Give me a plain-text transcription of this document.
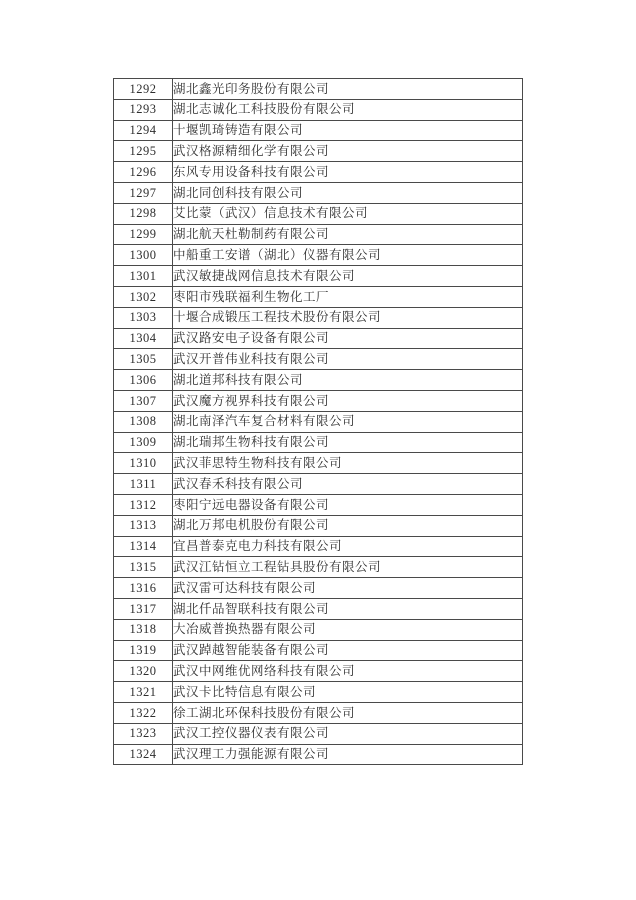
1292	湖北鑫光印务股份有限公司
1293	湖北志诚化工科技股份有限公司
1294	十堰凯琦铸造有限公司
1295	武汉格源精细化学有限公司
1296	东风专用设备科技有限公司
1297	湖北同创科技有限公司
1298	艾比蒙（武汉）信息技术有限公司
1299	湖北航天杜勒制药有限公司
1300	中船重工安谱（湖北）仪器有限公司
1301	武汉敏捷战网信息技术有限公司
1302	枣阳市残联福利生物化工厂
1303	十堰合成锻压工程技术股份有限公司
1304	武汉路安电子设备有限公司
1305	武汉开普伟业科技有限公司
1306	湖北道邦科技有限公司
1307	武汉魔方视界科技有限公司
1308	湖北南泽汽车复合材料有限公司
1309	湖北瑞邦生物科技有限公司
1310	武汉菲思特生物科技有限公司
1311	武汉春禾科技有限公司
1312	枣阳宁远电器设备有限公司
1313	湖北万邦电机股份有限公司
1314	宜昌普泰克电力科技有限公司
1315	武汉江钻恒立工程钻具股份有限公司
1316	武汉雷可达科技有限公司
1317	湖北仟品智联科技有限公司
1318	大冶威普换热器有限公司
1319	武汉踔越智能装备有限公司
1320	武汉中网维优网络科技有限公司
1321	武汉卡比特信息有限公司
1322	徐工湖北环保科技股份有限公司
1323	武汉工控仪器仪表有限公司
1324	武汉理工力强能源有限公司
